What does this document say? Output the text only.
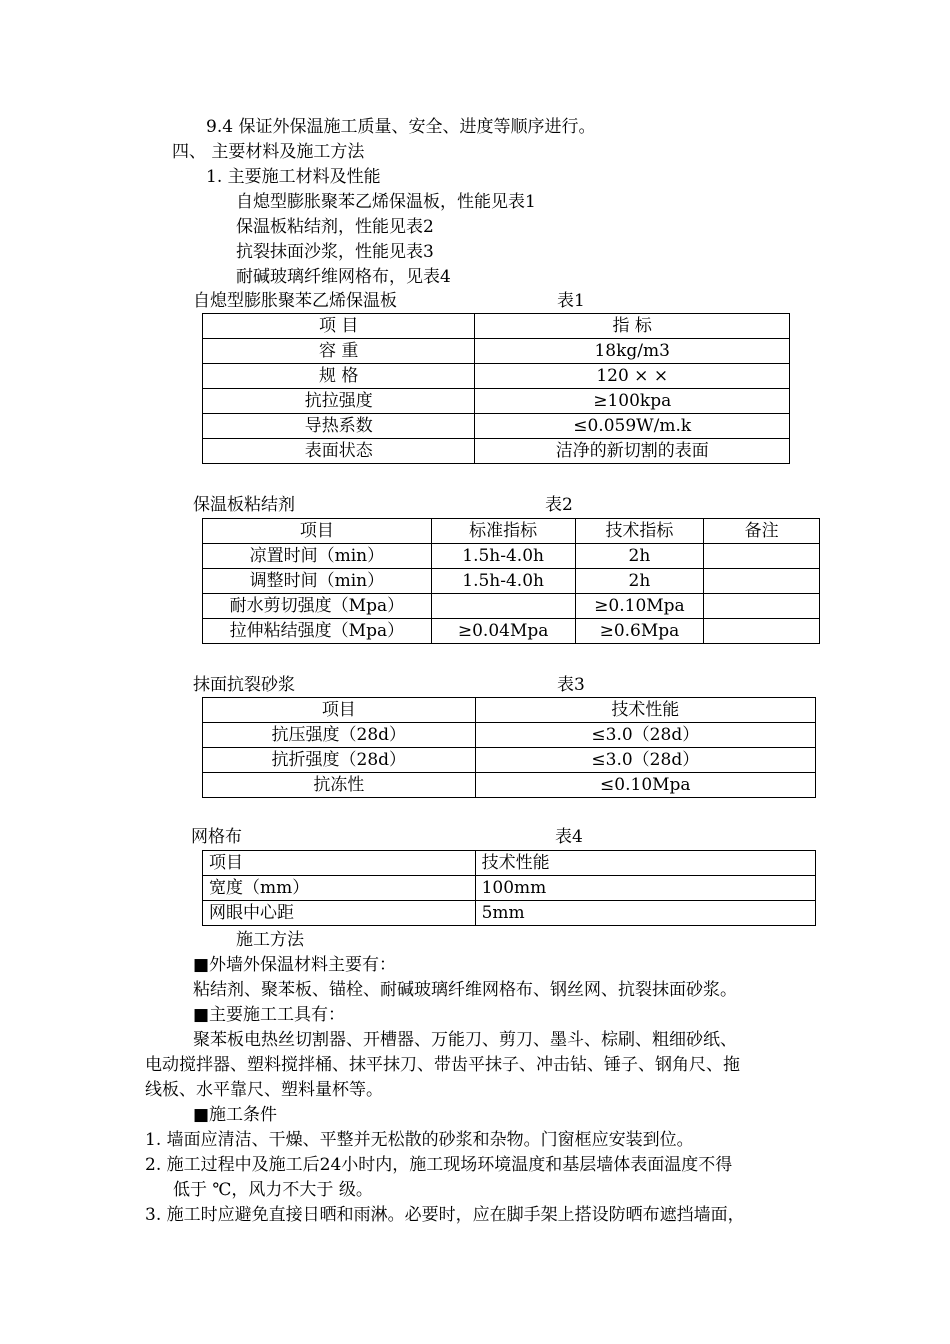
9.4 保证外保温施工质量、安全、进度等顺序进行。
四、 主要材料及施工方法
1. 主要施工材料及性能
自熄型膨胀聚苯乙烯保温板，性能见表1
保温板粘结剂，性能见表2
抗裂抹面沙浆，性能见表3
耐碱玻璃纤维网格布，见表4
自熄型膨胀聚苯乙烯保温板	表1
项 目	指 标
容 重	18kg/m3
规 格	120 × ×
抗拉强度	≥100kpa
导热系数	≤0.059W/m.k
表面状态	洁净的新切割的表面
保温板粘结剂	表2
项目	标准指标	技术指标	备注
凉置时间（min）	1.5h-4.0h	2h	
调整时间（min）	1.5h-4.0h	2h	
耐水剪切强度（Mpa）		≥0.10Mpa	
拉伸粘结强度（Mpa）	≥0.04Mpa	≥0.6Mpa	
抹面抗裂砂浆	表3
项目	技术性能
抗压强度（28d）	≤3.0（28d）
抗折强度（28d）	≤3.0（28d）
抗冻性	≤0.10Mpa
网格布	表4
项目	技术性能
宽度（mm）	100mm
网眼中心距	5mm
施工方法
■外墙外保温材料主要有：
粘结剂、聚苯板、锚栓、耐碱玻璃纤维网格布、钢丝网、抗裂抹面砂浆。
■主要施工工具有：
聚苯板电热丝切割器、开槽器、万能刀、剪刀、墨斗、棕刷、粗细砂纸、
电动搅拌器、塑料搅拌桶、抹平抹刀、带齿平抹子、冲击钻、锤子、钢角尺、拖
线板、水平靠尺、塑料量杯等。
■施工条件
1. 墙面应清洁、干燥、平整并无松散的砂浆和杂物。门窗框应安装到位。
2. 施工过程中及施工后24小时内，施工现场环境温度和基层墙体表面温度不得
低于 ℃，风力不大于 级。
3. 施工时应避免直接日晒和雨淋。必要时，应在脚手架上搭设防晒布遮挡墙面，
